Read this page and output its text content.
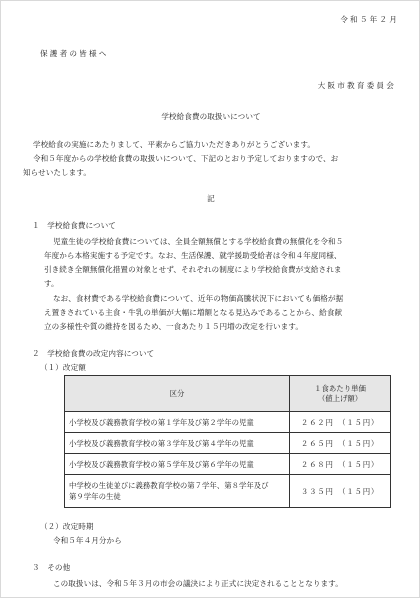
令和５年２月
保護者の皆様へ
大阪市教育委員会
学校給食費の取扱いについて
学校給食の実施にあたりまして、平素からご協力いただきありがとうございます。
令和５年度からの学校給食費の取扱いについて、下記のとおり予定しておりますので、お
知らせいたします。
記
１　学校給食費について
児童生徒の学校給食費については、全員全額無償とする学校給食費の無償化を令和５
年度から本格実施する予定です。なお、生活保護、就学援助受給者は令和４年度同様、
引き続き全額無償化措置の対象とせず、それぞれの制度により学校給食費が支給されま
す。
なお、食材費である学校給食費について、近年の物価高騰状況下においても価格が据
え置きされている主食・牛乳の単価が大幅に増額となる見込みであることから、給食献
立の多様性や質の維持を図るため、一食あたり１５円増の改定を行います。
２　学校給食費の改定内容について
（１）改定額
区分	１食あたり単価
（値上げ額）

小学校及び義務教育学校の第１学年及び第２学年の児童	２６２円　（１５円）
小学校及び義務教育学校の第３学年及び第４学年の児童	２６５円　（１５円）
小学校及び義務教育学校の第５学年及び第６学年の児童	２６８円　（１５円）

中学校の生徒並びに義務教育学校の第７学年、第８学年及び
第９学年の生徒	３３５円　（１５円）
（２）改定時期
令和５年４月分から
３　その他
この取扱いは、令和５年３月の市会の議決により正式に決定されることとなります。
